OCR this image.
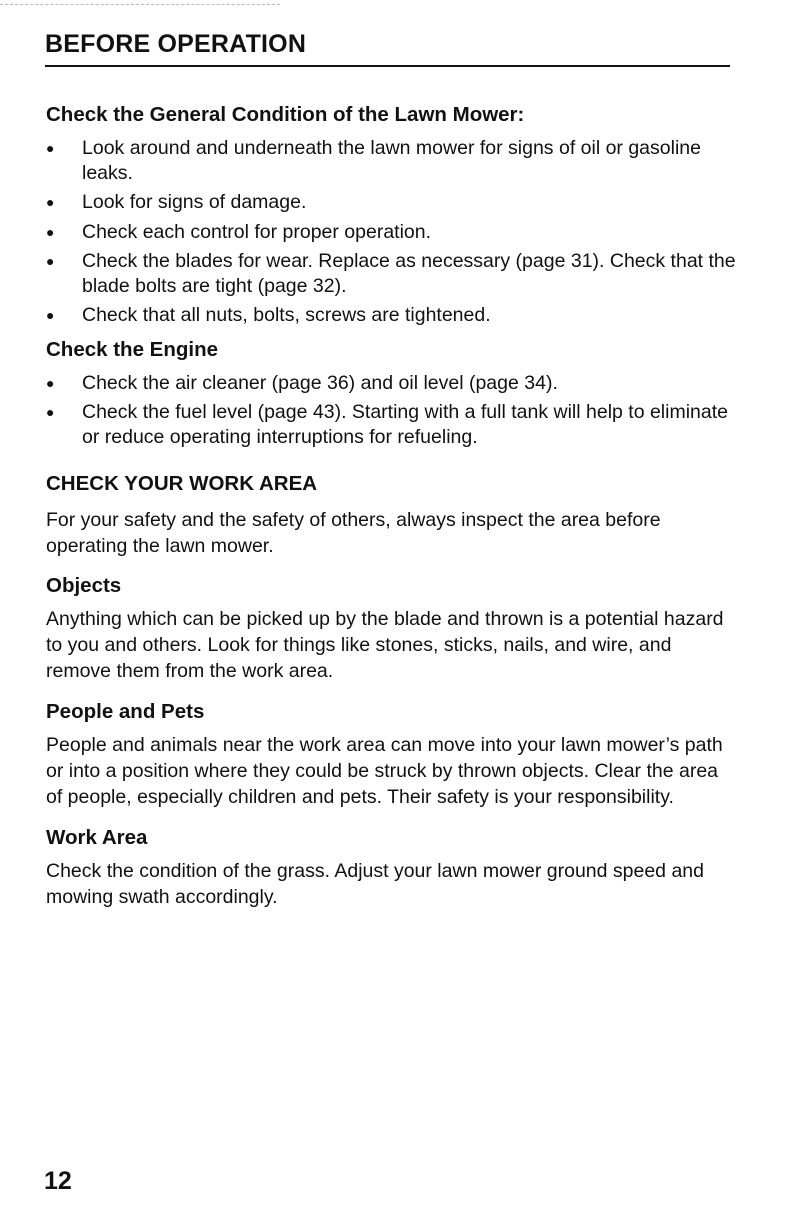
BEFORE OPERATION
Check the General Condition of the Lawn Mower:
● Look around and underneath the lawn mower for signs of oil or gasoline leaks.
● Look for signs of damage.
● Check each control for proper operation.
● Check the blades for wear. Replace as necessary (page 31). Check that the blade bolts are tight (page 32).
● Check that all nuts, bolts, screws are tightened.
Check the Engine
● Check the air cleaner (page 36) and oil level (page 34).
● Check the fuel level (page 43). Starting with a full tank will help to eliminate or reduce operating interruptions for refueling.
CHECK YOUR WORK AREA

For your safety and the safety of others, always inspect the area before operating the lawn mower.

Objects

Anything which can be picked up by the blade and thrown is a potential hazard to you and others. Look for things like stones, sticks, nails, and wire, and remove them from the work area.

People and Pets

People and animals near the work area can move into your lawn mower’s path or into a position where they could be struck by thrown objects. Clear the area of people, especially children and pets. Their safety is your responsibility.

Work Area

Check the condition of the grass. Adjust your lawn mower ground speed and mowing swath accordingly.

12
